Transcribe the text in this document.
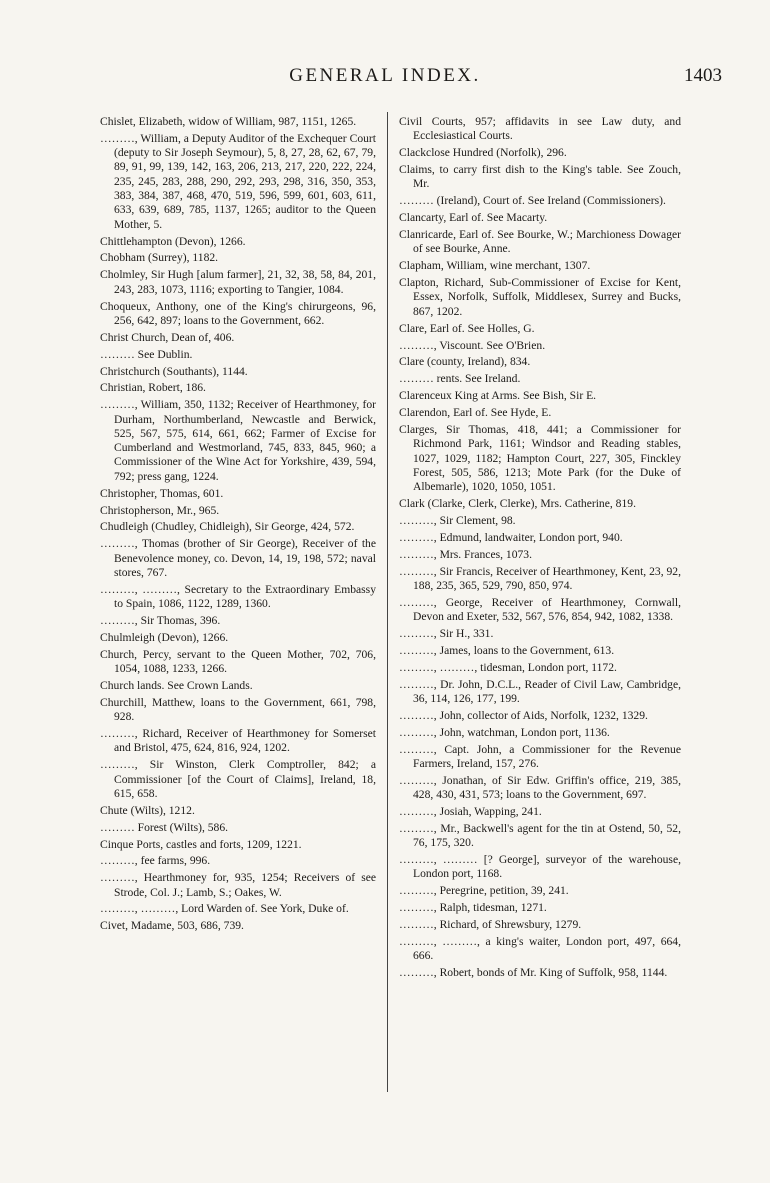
GENERAL INDEX.	1403

Chislet, Elizabeth, widow of William, 987, 1151, 1265.

………, William, a Deputy Auditor of the Exchequer Court (deputy to Sir Joseph Seymour), 5, 8, 27, 28, 62, 67, 79, 89, 91, 99, 139, 142, 163, 206, 213, 217, 220, 222, 224, 235, 245, 283, 288, 290, 292, 293, 298, 316, 350, 353, 383, 384, 387, 468, 470, 519, 596, 599, 601, 603, 611, 633, 639, 689, 785, 1137, 1265; auditor to the Queen Mother, 5.

Chittlehampton (Devon), 1266.

Chobham (Surrey), 1182.

Cholmley, Sir Hugh [alum farmer], 21, 32, 38, 58, 84, 201, 243, 283, 1073, 1116; exporting to Tangier, 1084.

Choqueux, Anthony, one of the King's chirurgeons, 96, 256, 642, 897; loans to the Government, 662.

Christ Church, Dean of, 406.

……… See Dublin.

Christchurch (Southants), 1144.

Christian, Robert, 186.

………, William, 350, 1132; Receiver of Hearthmoney, for Durham, Northumberland, Newcastle and Berwick, 525, 567, 575, 614, 661, 662; Farmer of Excise for Cumberland and Westmorland, 745, 833, 845, 960; a Commissioner of the Wine Act for Yorkshire, 439, 594, 792; press gang, 1224.

Christopher, Thomas, 601.

Christopherson, Mr., 965.

Chudleigh (Chudley, Chidleigh), Sir George, 424, 572.

………, Thomas (brother of Sir George), Receiver of the Benevolence money, co. Devon, 14, 19, 198, 572; naval stores, 767.

………, ………, Secretary to the Extraordinary Embassy to Spain, 1086, 1122, 1289, 1360.

………, Sir Thomas, 396.

Chulmleigh (Devon), 1266.

Church, Percy, servant to the Queen Mother, 702, 706, 1054, 1088, 1233, 1266.

Church lands. See Crown Lands.

Churchill, Matthew, loans to the Government, 661, 798, 928.

………, Richard, Receiver of Hearthmoney for Somerset and Bristol, 475, 624, 816, 924, 1202.

………, Sir Winston, Clerk Comptroller, 842; a Commissioner [of the Court of Claims], Ireland, 18, 615, 658.

Chute (Wilts), 1212.

……… Forest (Wilts), 586.

Cinque Ports, castles and forts, 1209, 1221.

………, fee farms, 996.

………, Hearthmoney for, 935, 1254; Receivers of see Strode, Col. J.; Lamb, S.; Oakes, W.

………, ………, Lord Warden of. See York, Duke of.

Civet, Madame, 503, 686, 739.

Civil Courts, 957; affidavits in see Law duty, and Ecclesiastical Courts.

Clackclose Hundred (Norfolk), 296.

Claims, to carry first dish to the King's table. See Zouch, Mr.

……… (Ireland), Court of. See Ireland (Commissioners).

Clancarty, Earl of. See Macarty.

Clanricarde, Earl of. See Bourke, W.; Marchioness Dowager of see Bourke, Anne.

Clapham, William, wine merchant, 1307.

Clapton, Richard, Sub-Commissioner of Excise for Kent, Essex, Norfolk, Suffolk, Middlesex, Surrey and Bucks, 867, 1202.

Clare, Earl of. See Holles, G.

………, Viscount. See O'Brien.

Clare (county, Ireland), 834.

……… rents. See Ireland.

Clarenceux King at Arms. See Bish, Sir E.

Clarendon, Earl of. See Hyde, E.

Clarges, Sir Thomas, 418, 441; a Commissioner for Richmond Park, 1161; Windsor and Reading stables, 1027, 1029, 1182; Hampton Court, 227, 305, Finckley Forest, 505, 586, 1213; Mote Park (for the Duke of Albemarle), 1020, 1050, 1051.

Clark (Clarke, Clerk, Clerke), Mrs. Catherine, 819.

………, Sir Clement, 98.

………, Edmund, landwaiter, London port, 940.

………, Mrs. Frances, 1073.

………, Sir Francis, Receiver of Hearthmoney, Kent, 23, 92, 188, 235, 365, 529, 790, 850, 974.

………, George, Receiver of Hearthmoney, Cornwall, Devon and Exeter, 532, 567, 576, 854, 942, 1082, 1338.

………, Sir H., 331.

………, James, loans to the Government, 613.

………, ………, tidesman, London port, 1172.

………, Dr. John, D.C.L., Reader of Civil Law, Cambridge, 36, 114, 126, 177, 199.

………, John, collector of Aids, Norfolk, 1232, 1329.

………, John, watchman, London port, 1136.

………, Capt. John, a Commissioner for the Revenue Farmers, Ireland, 157, 276.

………, Jonathan, of Sir Edw. Griffin's office, 219, 385, 428, 430, 431, 573; loans to the Government, 697.

………, Josiah, Wapping, 241.

………, Mr., Backwell's agent for the tin at Ostend, 50, 52, 76, 175, 320.

………, ……… [? George], surveyor of the warehouse, London port, 1168.

………, Peregrine, petition, 39, 241.

………, Ralph, tidesman, 1271.

………, Richard, of Shrewsbury, 1279.

………, ………, a king's waiter, London port, 497, 664, 666.

………, Robert, bonds of Mr. King of Suffolk, 958, 1144.
